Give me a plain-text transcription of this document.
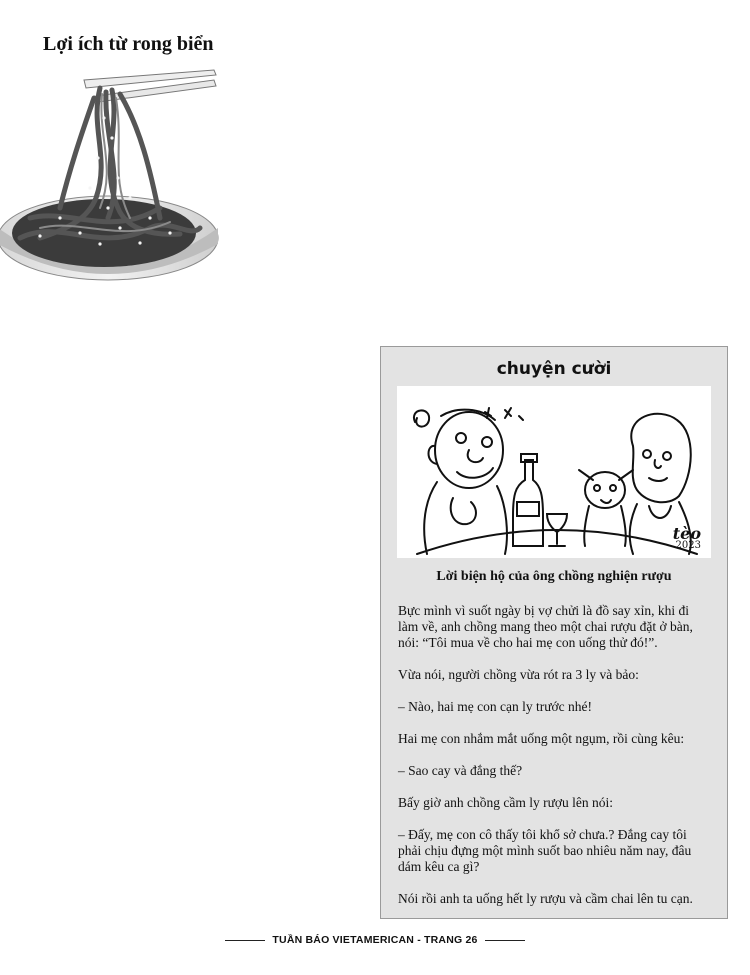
Lợi ích từ rong biển
chuyện cười
tèo
2023
Lời biện hộ của ông chồng nghiện rượu

Bực mình vì suốt ngày bị vợ chửi là đồ say xỉn, khi đi làm về, anh chồng mang theo một chai rượu đặt ở bàn, nói: “Tôi mua về cho hai mẹ con uống thử đó!”.

Vừa nói, người chồng vừa rót ra 3 ly và bảo:

– Nào, hai mẹ con cạn ly trước nhé!

Hai mẹ con nhắm mắt uống một ngụm, rồi cùng kêu:

– Sao cay và đắng thế?

Bấy giờ anh chồng cầm ly rượu lên nói:

– Đấy, mẹ con cô thấy tôi khổ sở chưa.? Đắng cay tôi phải chịu đựng một mình suốt bao nhiêu năm nay, đâu dám kêu ca gì?

Nói rồi anh ta uống hết ly rượu và cầm chai lên tu cạn.

TUẦN BÁO VIETAMERICAN - TRANG 26
